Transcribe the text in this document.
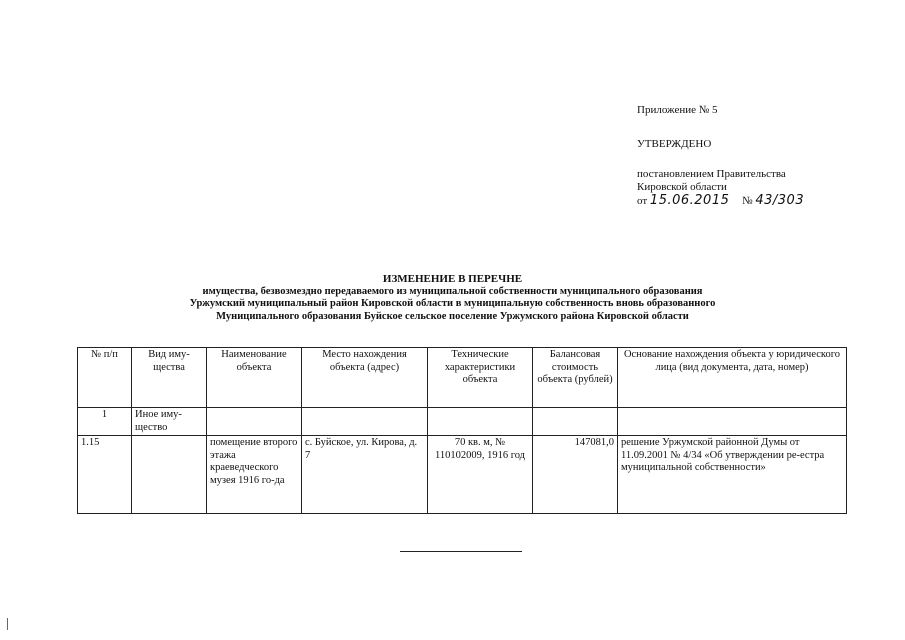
Приложение № 5
УТВЕРЖДЕНО
постановлением Правительства
Кировской области
от 15.06.2015 № 43/303
ИЗМЕНЕНИЕ В ПЕРЕЧНЕ
имущества, безвозмездно передаваемого из муниципальной собственности муниципального образования
Уржумский муниципальный район Кировской области в муниципальную собственность вновь образованного
Муниципального образования Буйское сельское поселение Уржумского района Кировской области
№ п/п	Вид иму-щества	Наименование объекта	Место нахождения объекта (адрес)	Технические характеристики объекта	Балансовая стоимость объекта (рублей)	Основание нахождения объекта у юридического лица (вид документа, дата, номер)
1	Иное иму-щество					
1.15		помещение второго этажа краеведческого музея 1916 го-да	с. Буйское, ул. Кирова, д. 7	70 кв. м, № 110102009, 1916 год	147081,0	решение Уржумской районной Думы от 11.09.2001 № 4/34 «Об утверждении ре-естра муниципальной собственности»
